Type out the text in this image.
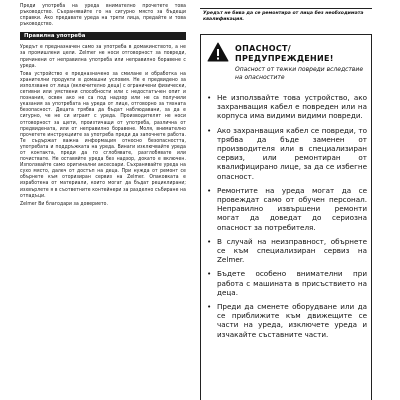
Преди употреба на уреда внимателно прочетете това ръководство. Съхранявайте го на сигурно място за бъдещи справки. Ако предавате уреда на трети лица, предайте и това ръководство.

Правилна употреба

Уредът е предназначен само за употреба в домакинството, а не за промишлени цели. Zelmer не носи отговорност за повреди, причинени от неправилна употреба или неправилно боравене с уреда.

Това устройство е предназначено за смилане и обработка на хранителни продукти в домашни условия. Не е предвидено за използване от лица (включително деца) с ограничени физически, сетивни или умствени способности или с недостатъчен опит и познания, освен ако не са под надзор или не са получили указания за употребата на уреда от лице, отговорно за тяхната безопасност. Децата трябва да бъдат наблюдавани, за да е сигурно, че не си играят с уреда. Производителят не носи отговорност за щети, произтичащи от употреба, различна от предвидената, или от неправилно боравене. Моля, внимателно прочетете инструкциите за употреба преди да започнете работа. Те съдържат важна информация относно безопасността, употребата и поддръжката на уреда. Винаги изключвайте уреда от контакта, преди да го сглобявате, разглобявате или почиствате. Не оставяйте уреда без надзор, докато е включен. Използвайте само оригинални аксесоари. Съхранявайте уреда на сухо място, далеч от достъп на деца. При нужда от ремонт се обърнете към оторизиран сервиз на Zelmer. Опаковката е изработена от материали, които могат да бъдат рециклирани; изхвърлете я в съответните контейнери за разделно събиране на отпадъци.

Zelmer Ви благодари за доверието.

Уредът не бива да се ремонтира от лица без необходимата квалификация.
ОПАСНОСТ/
ПРЕДУПРЕЖДЕНИЕ!
Опасност от тежки повреди вследствие на опасностите
• Не използвайте това устройство, ако захранващия кабел е повреден или на корпуса има видими видими повреди.
• Ако захранващия кабел се повреди, то трябва да бъде заменен от производителя или в специализиран сервиз, или ремонтиран от квалифицирано лице, за да се избегне опасност.
• Ремонтите на уреда могат да се провеждат само от обучен персонал. Неправилно извършени ремонти могат да доведат до сериозна опасност за потребителя.
• В случай на неизправност, обърнете се към специализиран сервиз на Zelmer.
• Бъдете особено внимателни при работа с машината в присъствието на деца.
• Преди да сменете оборудване или да се приближите към движещите се части на уреда, изключете уреда и изчакайте съставните части.
